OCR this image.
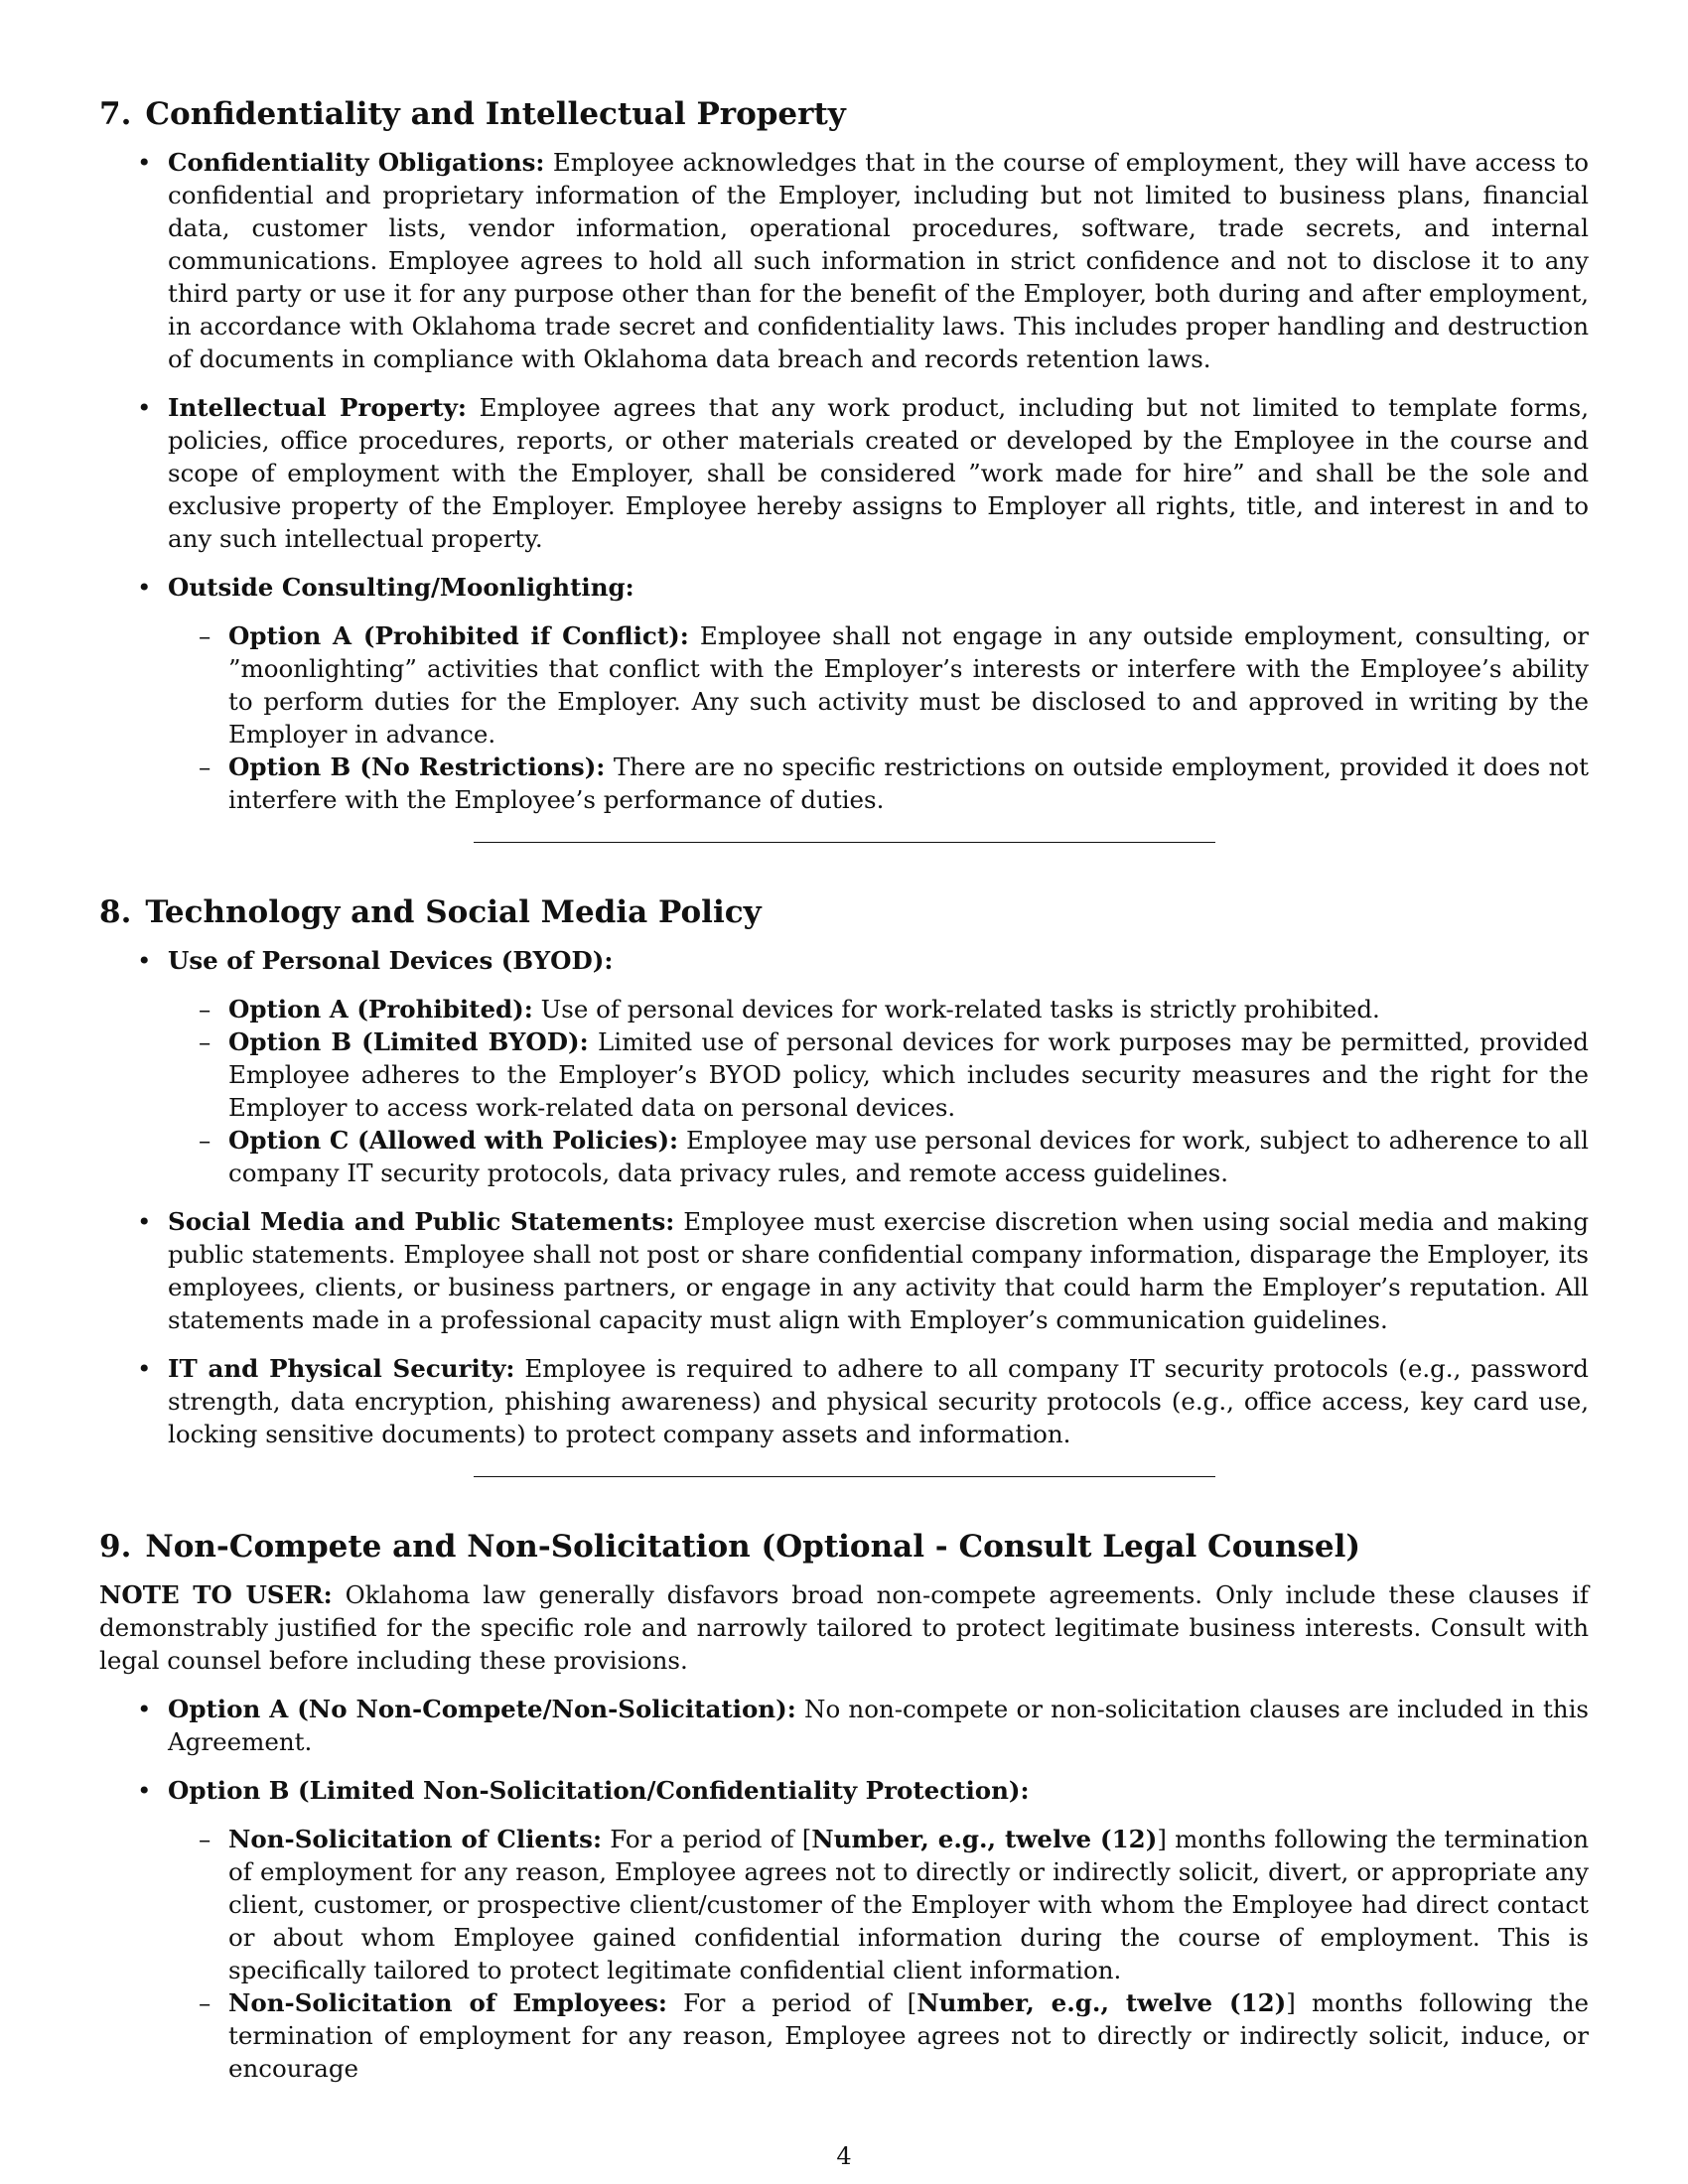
7. Confidentiality and Intellectual Property
• Confidentiality Obligations: Employee acknowledges that in the course of employment, they will have access to confidential and proprietary information of the Employer, including but not limited to business plans, financial data, customer lists, vendor information, operational procedures, software, trade secrets, and internal communications. Employee agrees to hold all such information in strict confidence and not to disclose it to any third party or use it for any purpose other than for the benefit of the Employer, both during and after employment, in accordance with Oklahoma trade secret and confidentiality laws. This includes proper handling and destruction of documents in compliance with Oklahoma data breach and records retention laws.
• Intellectual Property: Employee agrees that any work product, including but not limited to template forms, policies, office procedures, reports, or other materials created or developed by the Employee in the course and scope of employment with the Employer, shall be considered ”work made for hire” and shall be the sole and exclusive property of the Employer. Employee hereby assigns to Employer all rights, title, and interest in and to any such intellectual property.
• Outside Consulting/Moonlighting:
– Option A (Prohibited if Conflict): Employee shall not engage in any outside employment, consulting, or ”moonlighting” activities that conflict with the Employer’s interests or interfere with the Employee’s ability to perform duties for the Employer. Any such activity must be disclosed to and approved in writing by the Employer in advance.
– Option B (No Restrictions): There are no specific restrictions on outside employment, provided it does not interfere with the Employee’s performance of duties.
8. Technology and Social Media Policy
• Use of Personal Devices (BYOD):
– Option A (Prohibited): Use of personal devices for work-related tasks is strictly prohibited.
– Option B (Limited BYOD): Limited use of personal devices for work purposes may be permitted, provided Employee adheres to the Employer’s BYOD policy, which includes security measures and the right for the Employer to access work-related data on personal devices.
– Option C (Allowed with Policies): Employee may use personal devices for work, subject to adherence to all company IT security protocols, data privacy rules, and remote access guidelines.
• Social Media and Public Statements: Employee must exercise discretion when using social media and making public statements. Employee shall not post or share confidential company information, disparage the Employer, its employees, clients, or business partners, or engage in any activity that could harm the Employer’s reputation. All statements made in a professional capacity must align with Employer’s communication guidelines.
• IT and Physical Security: Employee is required to adhere to all company IT security protocols (e.g., password strength, data encryption, phishing awareness) and physical security protocols (e.g., office access, key card use, locking sensitive documents) to protect company assets and information.
9. Non-Compete and Non-Solicitation (Optional - Consult Legal Counsel)

NOTE TO USER: Oklahoma law generally disfavors broad non-compete agreements. Only include these clauses if demonstrably justified for the specific role and narrowly tailored to protect legitimate business interests. Consult with legal counsel before including these provisions.

• Option A (No Non-Compete/Non-Solicitation): No non-compete or non-solicitation clauses are included in this Agreement.
• Option B (Limited Non-Solicitation/Confidentiality Protection):
– Non-Solicitation of Clients: For a period of [Number, e.g., twelve (12)] months following the termination of employment for any reason, Employee agrees not to directly or indirectly solicit, divert, or appropriate any client, customer, or prospective client/customer of the Employer with whom the Employee had direct contact or about whom Employee gained confidential information during the course of employment. This is specifically tailored to protect legitimate confidential client information.
– Non-Solicitation of Employees: For a period of [Number, e.g., twelve (12)] months following the termination of employment for any reason, Employee agrees not to directly or indirectly solicit, induce, or encourage
4
